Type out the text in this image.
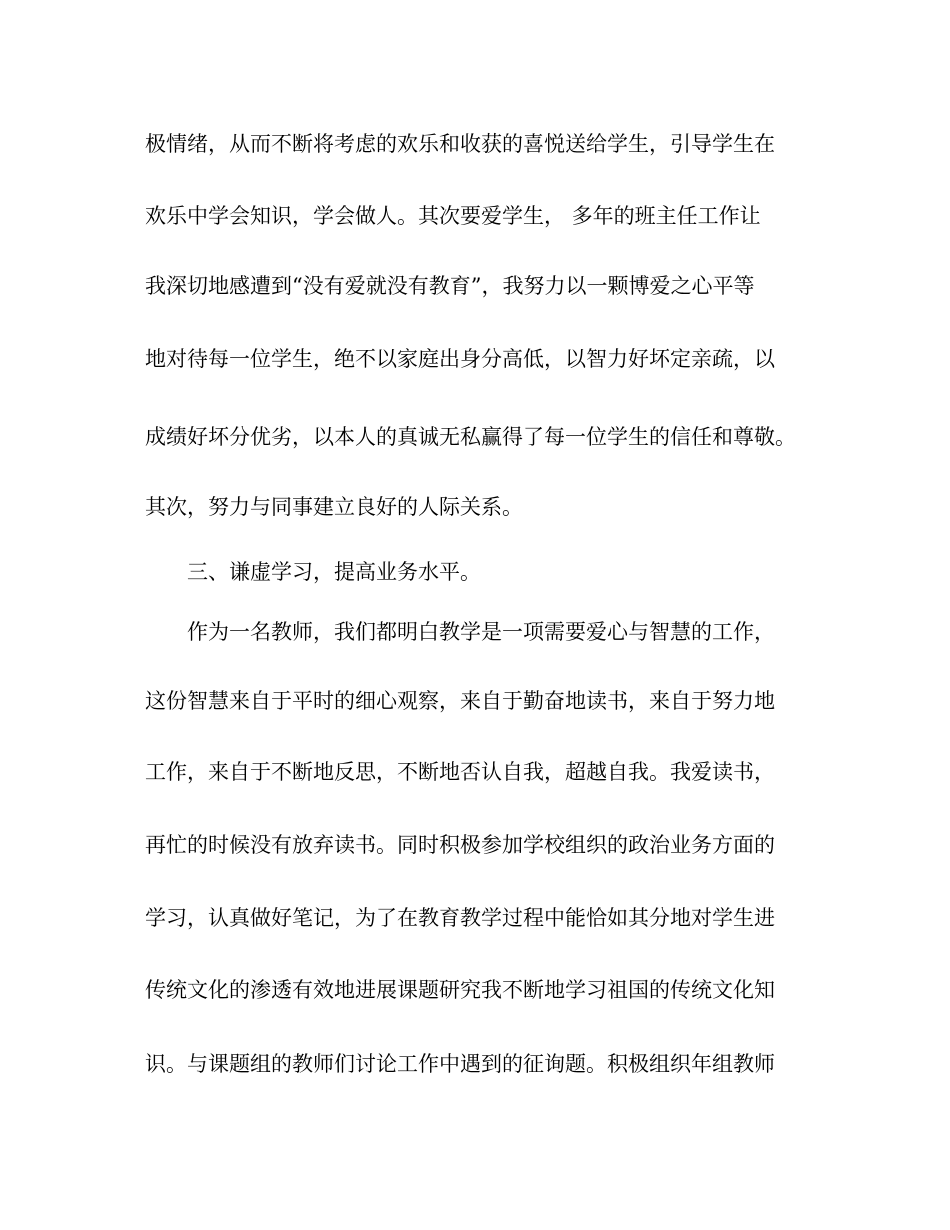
极情绪，从而不断将考虑的欢乐和收获的喜悦送给学生，引导学生在
欢乐中学会知识，学会做人。其次要爱学生， 多年的班主任工作让
我深切地感遭到“没有爱就没有教育”，我努力以一颗博爱之心平等
地对待每一位学生，绝不以家庭出身分高低，以智力好坏定亲疏，以
成绩好坏分优劣，以本人的真诚无私赢得了每一位学生的信任和尊敬。
其次，努力与同事建立良好的人际关系。
三、谦虚学习，提高业务水平。
作为一名教师，我们都明白教学是一项需要爱心与智慧的工作，
这份智慧来自于平时的细心观察，来自于勤奋地读书，来自于努力地
工作，来自于不断地反思，不断地否认自我，超越自我。我爱读书，
再忙的时候没有放弃读书。同时积极参加学校组织的政治业务方面的
学习，认真做好笔记，为了在教育教学过程中能恰如其分地对学生进
传统文化的渗透有效地进展课题研究我不断地学习祖国的传统文化知
识。与课题组的教师们讨论工作中遇到的征询题。积极组织年组教师
